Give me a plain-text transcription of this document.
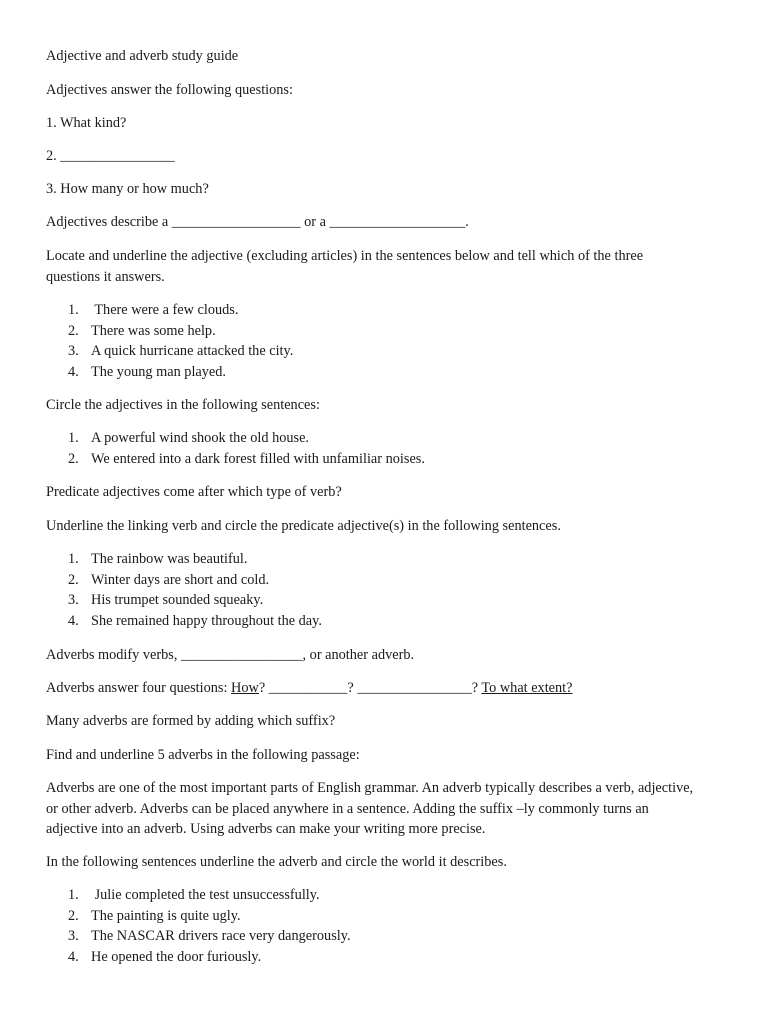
Adjective and adverb study guide

Adjectives answer the following questions:

1. What kind?

2. ________________

3. How many or how much?

Adjectives describe a __________________ or a ___________________.

Locate and underline the adjective (excluding articles) in the sentences below and tell which of the three questions it answers.

1. There were a few clouds.
2. There was some help.
3. A quick hurricane attacked the city.
4. The young man played.

Circle the adjectives in the following sentences:

1. A powerful wind shook the old house.
2. We entered into a dark forest filled with unfamiliar noises.

Predicate adjectives come after which type of verb?

Underline the linking verb and circle the predicate adjective(s) in the following sentences.

1. The rainbow was beautiful.
2. Winter days are short and cold.
3. His trumpet sounded squeaky.
4. She remained happy throughout the day.

Adverbs modify verbs, _________________, or another adverb.

Adverbs answer four questions: How? ___________? ________________? To what extent?

Many adverbs are formed by adding which suffix?

Find and underline 5 adverbs in the following passage:

Adverbs are one of the most important parts of English grammar. An adverb typically describes a verb, adjective, or other adverb. Adverbs can be placed anywhere in a sentence. Adding the suffix –ly commonly turns an adjective into an adverb. Using adverbs can make your writing more precise.

In the following sentences underline the adverb and circle the world it describes.

1. Julie completed the test unsuccessfully.
2. The painting is quite ugly.
3. The NASCAR drivers race very dangerously.
4. He opened the door furiously.
